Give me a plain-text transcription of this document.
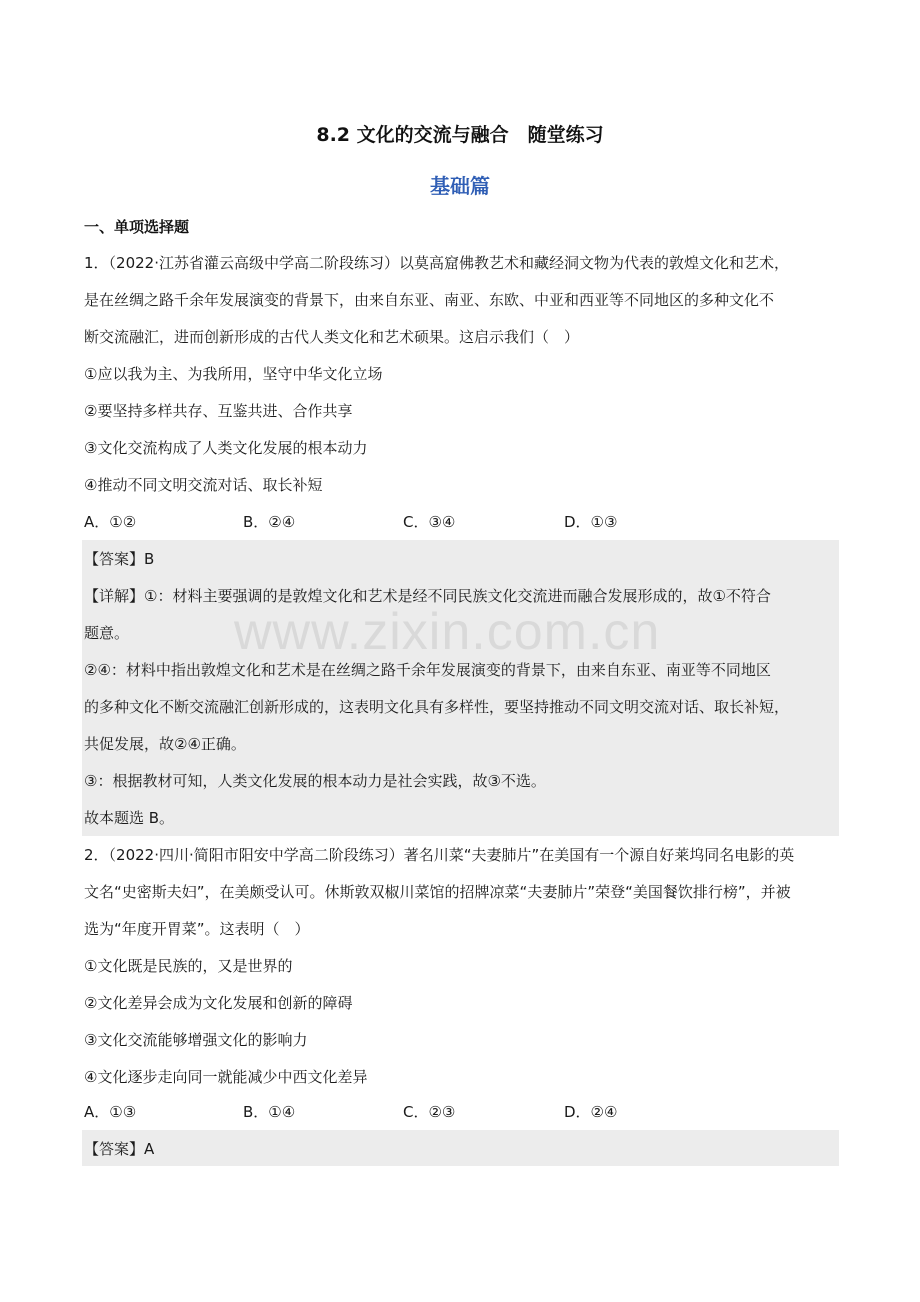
www.zixin.com.cn
8.2 文化的交流与融合　随堂练习
基础篇
一、单项选择题
1．（2022·江苏省灌云高级中学高二阶段练习）以莫高窟佛教艺术和藏经洞文物为代表的敦煌文化和艺术，
是在丝绸之路千余年发展演变的背景下，由来自东亚、南亚、东欧、中亚和西亚等不同地区的多种文化不
断交流融汇，进而创新形成的古代人类文化和艺术硕果。这启示我们（　）
①应以我为主、为我所用，坚守中华文化立场
②要坚持多样共存、互鉴共进、合作共享
③文化交流构成了人类文化发展的根本动力
④推动不同文明交流对话、取长补短
A．①②	B．②④	C．③④	D．①③
【答案】B
【详解】①：材料主要强调的是敦煌文化和艺术是经不同民族文化交流进而融合发展形成的，故①不符合
题意。
②④：材料中指出敦煌文化和艺术是在丝绸之路千余年发展演变的背景下，由来自东亚、南亚等不同地区
的多种文化不断交流融汇创新形成的，这表明文化具有多样性，要坚持推动不同文明交流对话、取长补短，
共促发展，故②④正确。
③：根据教材可知，人类文化发展的根本动力是社会实践，故③不选。
故本题选 B。
2．（2022·四川·简阳市阳安中学高二阶段练习）著名川菜“夫妻肺片”在美国有一个源自好莱坞同名电影的英
文名“史密斯夫妇”，在美颇受认可。休斯敦双椒川菜馆的招牌凉菜“夫妻肺片”荣登“美国餐饮排行榜”，并被
选为“年度开胃菜”。这表明（　）
①文化既是民族的，又是世界的
②文化差异会成为文化发展和创新的障碍
③文化交流能够增强文化的影响力
④文化逐步走向同一就能减少中西文化差异
A．①③	B．①④	C．②③	D．②④
【答案】A
